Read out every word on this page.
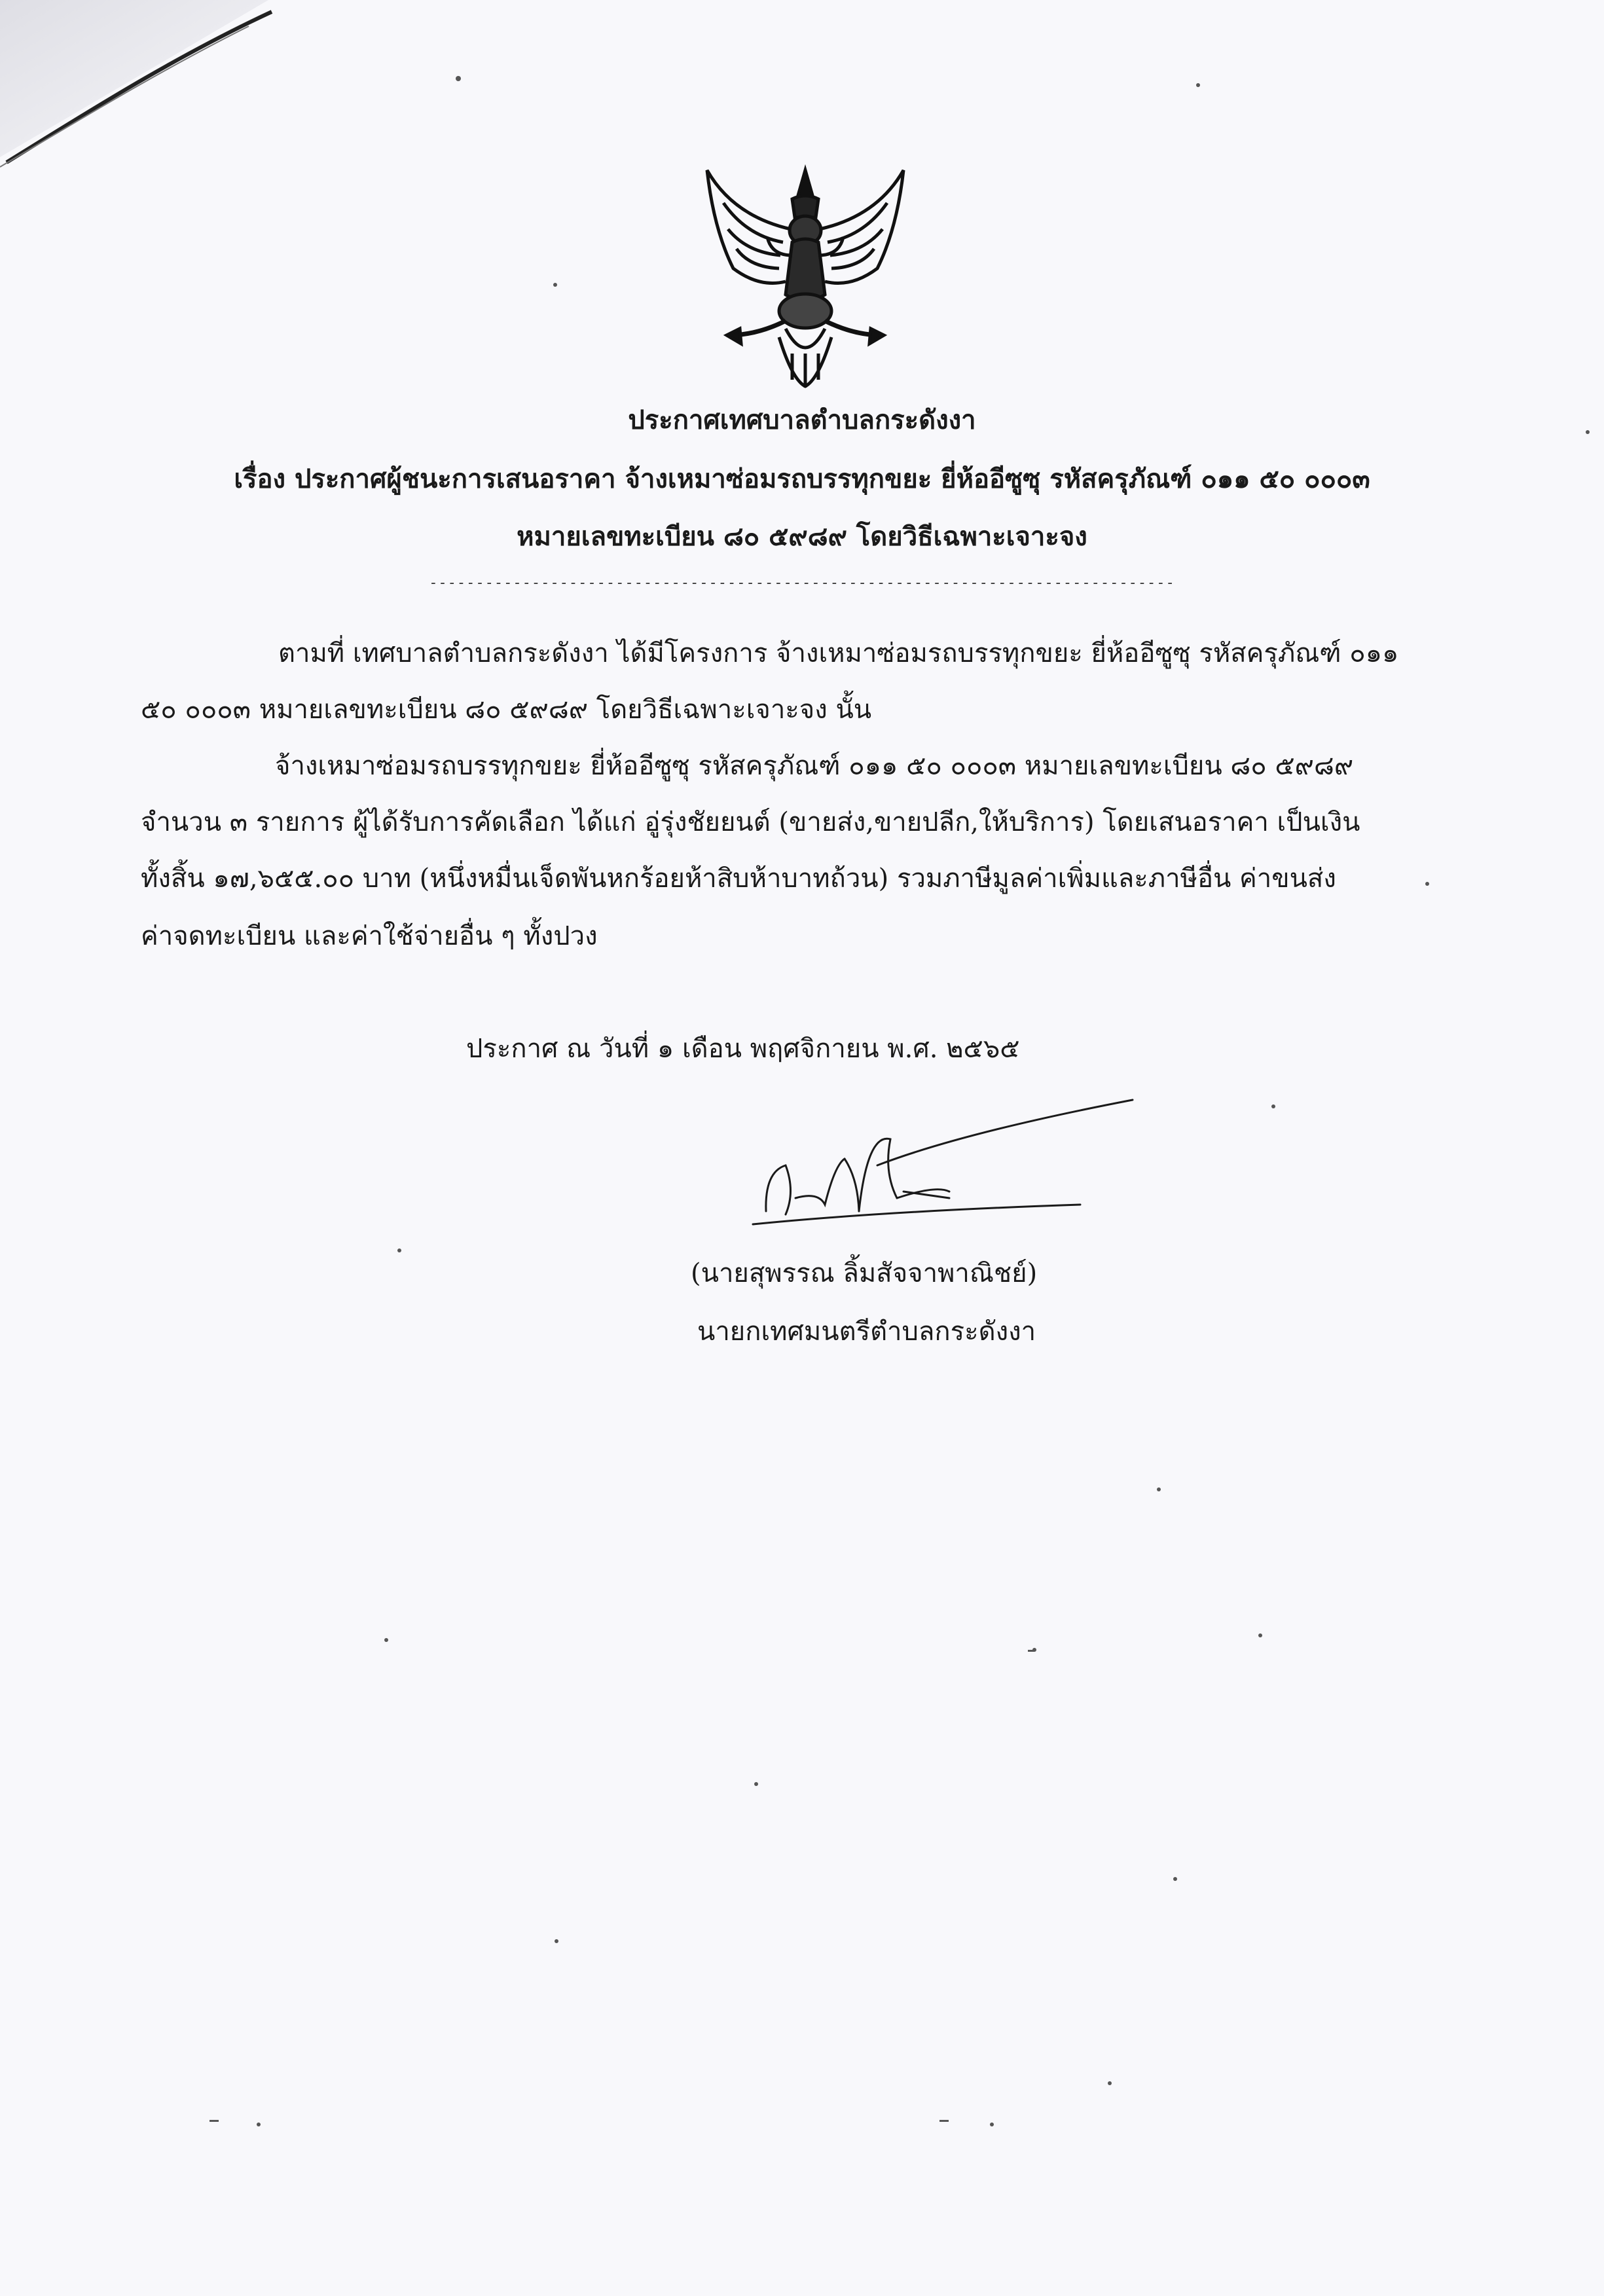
ประกาศเทศบาลตำบลกระดังงา
เรื่อง ประกาศผู้ชนะการเสนอราคา จ้างเหมาซ่อมรถบรรทุกขยะ ยี่ห้ออีซูซุ รหัสครุภัณฑ์ ๐๑๑ ๕๐ ๐๐๐๓
หมายเลขทะเบียน ๘๐ ๕๙๘๙ โดยวิธีเฉพาะเจาะจง
--------------------------------------------------------------------------------
ตามที่ เทศบาลตำบลกระดังงา ได้มีโครงการ จ้างเหมาซ่อมรถบรรทุกขยะ ยี่ห้ออีซูซุ รหัสครุภัณฑ์ ๐๑๑
๕๐ ๐๐๐๓ หมายเลขทะเบียน ๘๐ ๕๙๘๙ โดยวิธีเฉพาะเจาะจง นั้น
จ้างเหมาซ่อมรถบรรทุกขยะ ยี่ห้ออีซูซุ รหัสครุภัณฑ์ ๐๑๑ ๕๐ ๐๐๐๓ หมายเลขทะเบียน ๘๐ ๕๙๘๙
จำนวน ๓ รายการ ผู้ได้รับการคัดเลือก ได้แก่ อู่รุ่งชัยยนต์ (ขายส่ง,ขายปลีก,ให้บริการ) โดยเสนอราคา เป็นเงิน
ทั้งสิ้น ๑๗,๖๕๕.๐๐ บาท (หนึ่งหมื่นเจ็ดพันหกร้อยห้าสิบห้าบาทถ้วน) รวมภาษีมูลค่าเพิ่มและภาษีอื่น ค่าขนส่ง
ค่าจดทะเบียน และค่าใช้จ่ายอื่น ๆ ทั้งปวง
ประกาศ ณ วันที่ ๑ เดือน พฤศจิกายน พ.ศ. ๒๕๖๕
(นายสุพรรณ ลิ้มสัจจาพาณิชย์)
นายกเทศมนตรีตำบลกระดังงา
